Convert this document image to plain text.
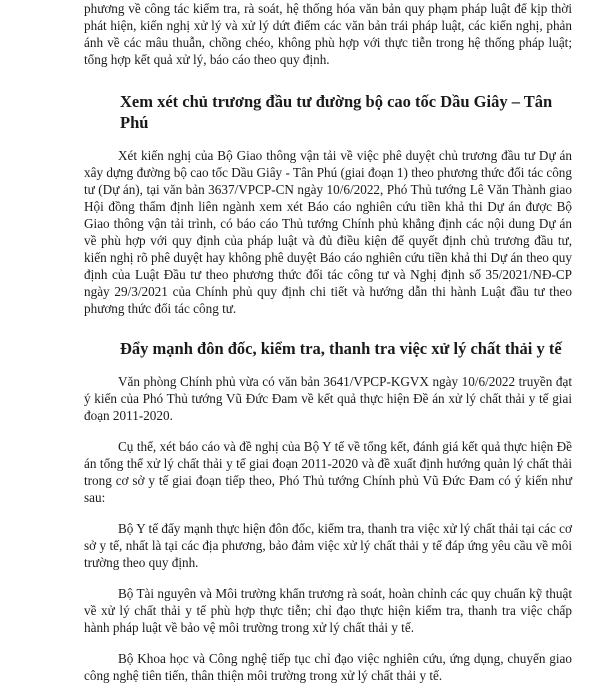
phương về công tác kiểm tra, rà soát, hệ thống hóa văn bản quy phạm pháp luật để kịp thời phát hiện, kiến nghị xử lý và xử lý dứt điểm các văn bản trái pháp luật, các kiến nghị, phản ánh về các mâu thuẫn, chồng chéo, không phù hợp với thực tiễn trong hệ thống pháp luật; tổng hợp kết quả xử lý, báo cáo theo quy định.

Xem xét chủ trương đầu tư đường bộ cao tốc Dầu Giây – Tân Phú

Xét kiến nghị của Bộ Giao thông vận tải về việc phê duyệt chủ trương đầu tư Dự án xây dựng đường bộ cao tốc Dầu Giây - Tân Phú (giai đoạn 1) theo phương thức đối tác công tư (Dự án), tại văn bản 3637/VPCP-CN ngày 10/6/2022, Phó Thủ tướng Lê Văn Thành giao Hội đồng thẩm định liên ngành xem xét Báo cáo nghiên cứu tiền khả thi Dự án được Bộ Giao thông vận tải trình, có báo cáo Thủ tướng Chính phủ khẳng định các nội dung Dự án về phù hợp với quy định của pháp luật và đủ điều kiện để quyết định chủ trương đầu tư, kiến nghị rõ phê duyệt hay không phê duyệt Báo cáo nghiên cứu tiền khả thi Dự án theo quy định của Luật Đầu tư theo phương thức đối tác công tư và Nghị định số 35/2021/NĐ-CP ngày 29/3/2021 của Chính phủ quy định chi tiết và hướng dẫn thi hành Luật đầu tư theo phương thức đối tác công tư.

Đẩy mạnh đôn đốc, kiểm tra, thanh tra việc xử lý chất thải y tế

Văn phòng Chính phủ vừa có văn bản 3641/VPCP-KGVX ngày 10/6/2022 truyền đạt ý kiến của Phó Thủ tướng Vũ Đức Đam về kết quả thực hiện Đề án xử lý chất thải y tế giai đoạn 2011-2020.

Cụ thể, xét báo cáo và đề nghị của Bộ Y tế về tổng kết, đánh giá kết quả thực hiện Đề án tổng thể xử lý chất thải y tế giai đoạn 2011-2020 và đề xuất định hướng quản lý chất thải trong cơ sở y tế giai đoạn tiếp theo, Phó Thủ tướng Chính phủ Vũ Đức Đam có ý kiến như sau:

Bộ Y tế đẩy mạnh thực hiện đôn đốc, kiểm tra, thanh tra việc xử lý chất thải tại các cơ sở y tế, nhất là tại các địa phương, bảo đảm việc xử lý chất thải y tế đáp ứng yêu cầu về môi trường theo quy định.

Bộ Tài nguyên và Môi trường khẩn trương rà soát, hoàn chỉnh các quy chuẩn kỹ thuật về xử lý chất thải y tế phù hợp thực tiễn; chỉ đạo thực hiện kiểm tra, thanh tra việc chấp hành pháp luật về bảo vệ môi trường trong xử lý chất thải y tế.

Bộ Khoa học và Công nghệ tiếp tục chỉ đạo việc nghiên cứu, ứng dụng, chuyển giao công nghệ tiên tiến, thân thiện môi trường trong xử lý chất thải y tế.
